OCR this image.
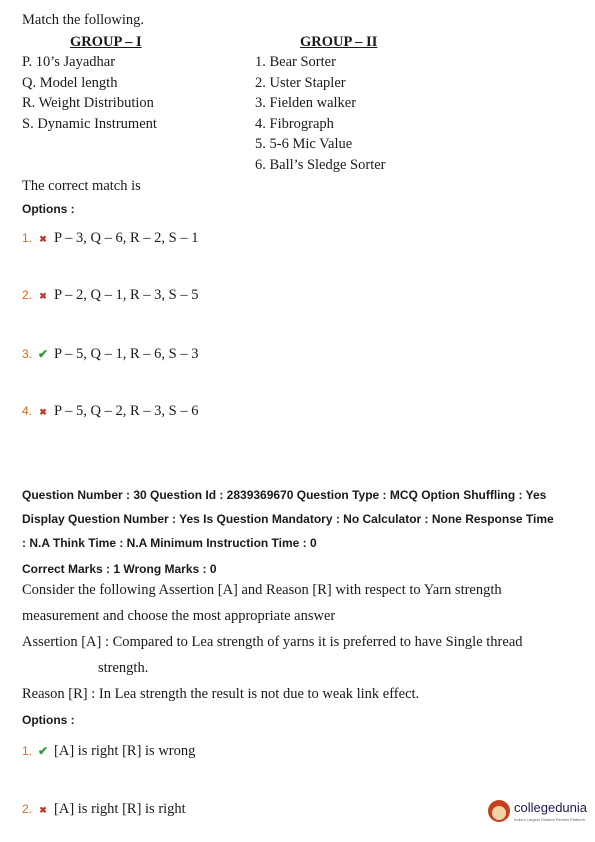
Match the following.
GROUP – I	GROUP – II
P. 10’s Jayadhar
Q. Model length
R. Weight Distribution
S. Dynamic Instrument
1. Bear Sorter
2. Uster Stapler
3. Fielden walker
4. Fibrograph
5. 5-6 Mic Value
6. Ball’s Sledge Sorter
The correct match is
Options :
1. ✖ P – 3, Q – 6, R – 2, S – 1
2. ✖ P – 2, Q – 1, R – 3, S – 5
3. ✔ P – 5, Q – 1, R – 6, S – 3
4. ✖ P – 5, Q – 2, R – 3, S – 6
Question Number : 30 Question Id : 2839369670 Question Type : MCQ Option Shuffling : Yes
Display Question Number : Yes Is Question Mandatory : No Calculator : None Response Time
: N.A Think Time : N.A Minimum Instruction Time : 0
Correct Marks : 1 Wrong Marks : 0
Consider the following Assertion [A] and Reason [R] with respect to Yarn strength
measurement and choose the most appropriate answer
Assertion [A] : Compared to Lea strength of yarns it is preferred to have Single thread
strength.
Reason [R] : In Lea strength the result is not due to weak link effect.
Options :
1. ✔ [A] is right [R] is wrong
2. ✖ [A] is right [R] is right	collegedunia
India's Largest Student Review Platform
